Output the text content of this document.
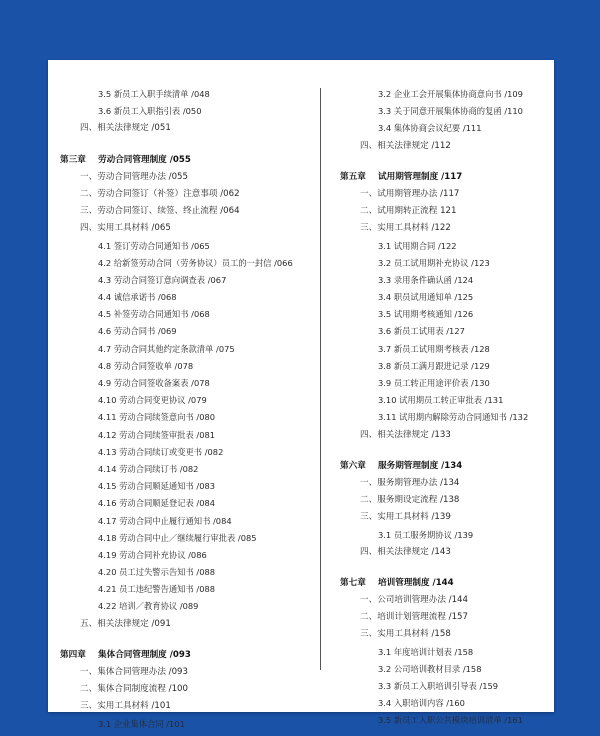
3.5 新员工入职手续清单 /048
3.6 新员工入职指引表 /050
四、相关法律规定 /051
第三章 劳动合同管理制度 /055
一、劳动合同管理办法 /055
二、劳动合同签订（补签）注意事项 /062
三、劳动合同签订、续签、终止流程 /064
四、实用工具材料 /065
4.1 签订劳动合同通知书 /065
4.2 给新签劳动合同（劳务协议）员工的一封信 /066
4.3 劳动合同签订意向调查表 /067
4.4 诚信承诺书 /068
4.5 补签劳动合同通知书 /068
4.6 劳动合同书 /069
4.7 劳动合同其他约定条款清单 /075
4.8 劳动合同签收单 /078
4.9 劳动合同签收备案表 /078
4.10 劳动合同变更协议 /079
4.11 劳动合同续签意向书 /080
4.12 劳动合同续签审批表 /081
4.13 劳动合同续订或变更书 /082
4.14 劳动合同续订书 /082
4.15 劳动合同顺延通知书 /083
4.16 劳动合同顺延登记表 /084
4.17 劳动合同中止履行通知书 /084
4.18 劳动合同中止／继续履行审批表 /085
4.19 劳动合同补充协议 /086
4.20 员工过失警示告知书 /088
4.21 员工违纪警告通知书 /088
4.22 培训／教育协议 /089
五、相关法律规定 /091
第四章 集体合同管理制度 /093
一、集体合同管理办法 /093
二、集体合同制度流程 /100
三、实用工具材料 /101
3.1 企业集体合同 /101
3.2 企业工会开展集体协商意向书 /109
3.3 关于同意开展集体协商的复函 /110
3.4 集体协商会议纪要 /111
四、相关法律规定 /112
第五章 试用期管理制度 /117
一、试用期管理办法 /117
二、试用期转正流程 121
三、实用工具材料 /122
3.1 试用期合同 /122
3.2 员工试用期补充协议 /123
3.3 录用条件确认函 /124
3.4 职员试用通知单 /125
3.5 试用期考核通知 /126
3.6 新员工试用表 /127
3.7 新员工试用期考核表 /128
3.8 新员工满月跟进记录 /129
3.9 员工转正用途评价表 /130
3.10 试用期员工转正审批表 /131
3.11 试用期内解除劳动合同通知书 /132
四、相关法律规定 /133
第六章 服务期管理制度 /134
一、服务期管理办法 /134
二、服务期设定流程 /138
三、实用工具材料 /139
3.1 员工服务期协议 /139
四、相关法律规定 /143
第七章 培训管理制度 /144
一、公司培训管理办法 /144
二、培训计划管理流程 /157
三、实用工具材料 /158
3.1 年度培训计划表 /158
3.2 公司培训教材目录 /158
3.3 新员工入职培训引导表 /159
3.4 入职培训内容 /160
3.5 新员工入职公共模块培训清单 /161
